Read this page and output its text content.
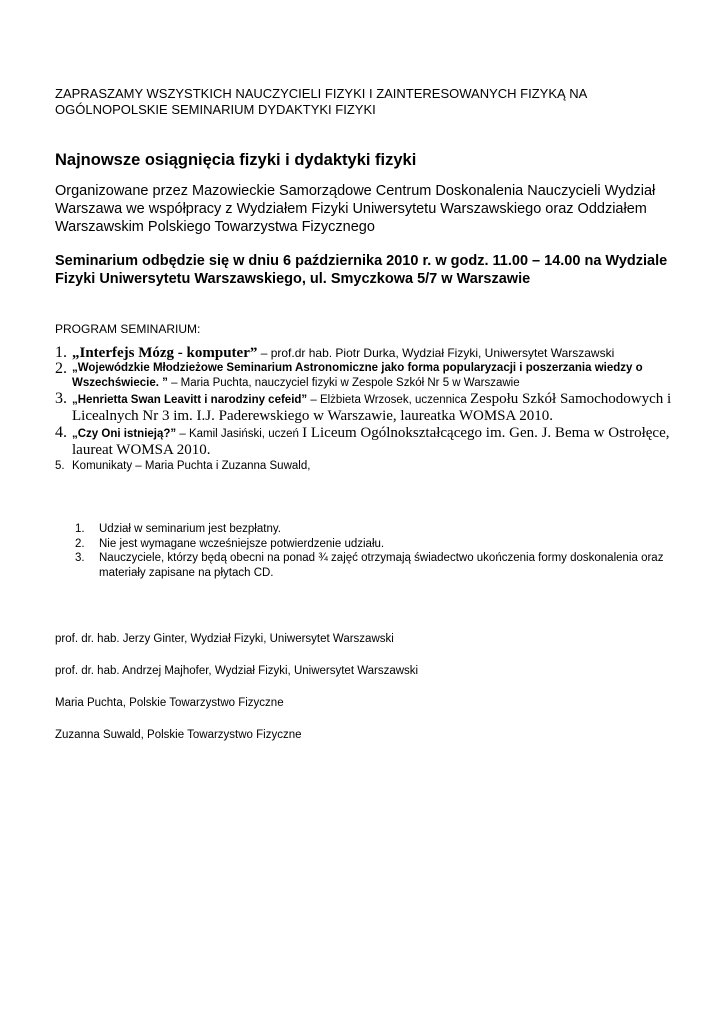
ZAPRASZAMY WSZYSTKICH NAUCZYCIELI FIZYKI I ZAINTERESOWANYCH FIZYKĄ NA
OGÓLNOPOLSKIE SEMINARIUM DYDAKTYKI FIZYKI
Najnowsze osiągnięcia fizyki i dydaktyki fizyki
Organizowane przez Mazowieckie Samorządowe Centrum Doskonalenia Nauczycieli Wydział Warszawa we współpracy z Wydziałem Fizyki Uniwersytetu Warszawskiego oraz Oddziałem Warszawskim Polskiego Towarzystwa Fizycznego
Seminarium odbędzie się w dniu 6 października 2010 r. w godz. 11.00 – 14.00 na Wydziale Fizyki Uniwersytetu Warszawskiego, ul. Smyczkowa 5/7 w Warszawie
PROGRAM SEMINARIUM:
1. „Interfejs Mózg - komputer” – prof.dr hab. Piotr Durka, Wydział Fizyki, Uniwersytet Warszawski
2. „Wojewódzkie Młodzieżowe Seminarium Astronomiczne jako forma popularyzacji i poszerzania wiedzy o Wszechświecie. ” – Maria Puchta, nauczyciel fizyki w Zespole Szkół Nr 5 w Warszawie
3. „Henrietta Swan Leavitt i narodziny cefeid” – Elżbieta Wrzosek, uczennica Zespołu Szkół Samochodowych i Licealnych Nr 3 im. I.J. Paderewskiego w Warszawie, laureatka WOMSA 2010.
4. „Czy Oni istnieją?” – Kamil Jasiński, uczeń I Liceum Ogólnokształcącego im. Gen. J. Bema w Ostrołęce, laureat WOMSA 2010.
5. Komunikaty – Maria Puchta i Zuzanna Suwald,
1.	Udział w seminarium jest bezpłatny.
2.	Nie jest wymagane wcześniejsze potwierdzenie udziału.
3.	Nauczyciele, którzy będą obecni na ponad ¾ zajęć otrzymają świadectwo ukończenia formy doskonalenia oraz materiały zapisane na płytach CD.
prof. dr. hab. Jerzy Ginter, Wydział Fizyki, Uniwersytet Warszawski
prof. dr. hab. Andrzej Majhofer, Wydział Fizyki, Uniwersytet Warszawski
Maria Puchta, Polskie Towarzystwo Fizyczne
Zuzanna Suwald, Polskie Towarzystwo Fizyczne
